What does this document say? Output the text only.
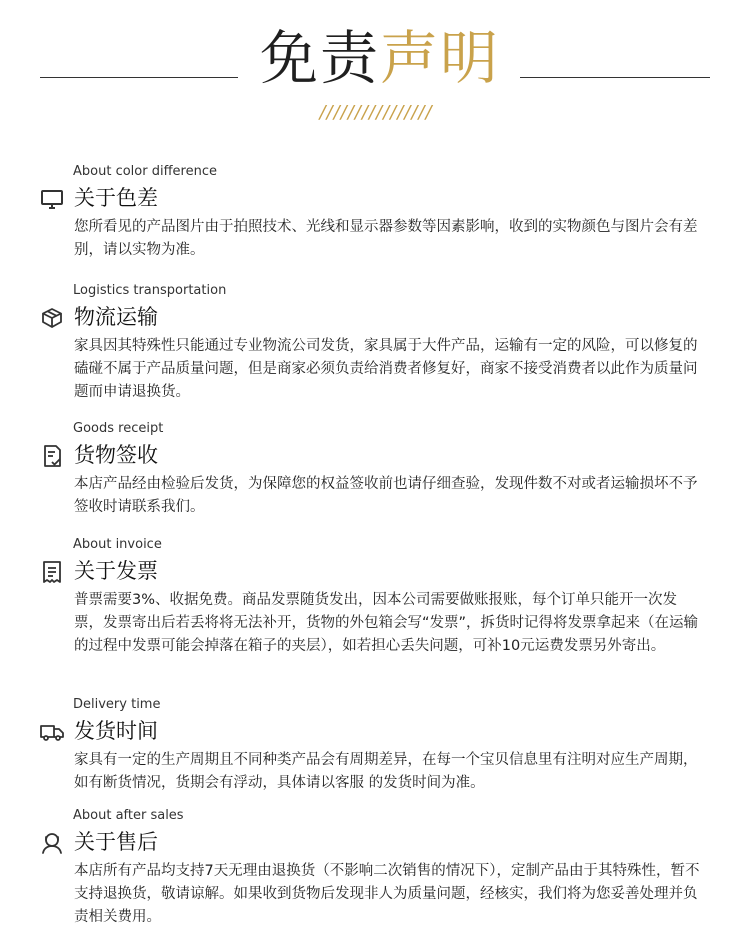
免责声明
////////////////
About color difference
关于色差
您所看见的产品图片由于拍照技术、光线和显示器参数等因素影响，收到的实物颜色与图片会有差别，请以实物为准。
Logistics transportation
物流运输
家具因其特殊性只能通过专业物流公司发货，家具属于大件产品，运输有一定的风险，可以修复的磕碰不属于产品质量问题，但是商家必须负责给消费者修复好，商家不接受消费者以此作为质量问题而申请退换货。
Goods receipt
货物签收
本店产品经由检验后发货，为保障您的权益签收前也请仔细查验，发现件数不对或者运输损坏不予签收时请联系我们。
About invoice
关于发票
普票需要3%、收据免费。商品发票随货发出，因本公司需要做账报账，每个订单只能开一次发票，发票寄出后若丢将将无法补开，货物的外包箱会写“发票”，拆货时记得将发票拿起来（在运输的过程中发票可能会掉落在箱子的夹层），如若担心丢失问题，可补10元运费发票另外寄出。
Delivery time
发货时间
家具有一定的生产周期且不同种类产品会有周期差异，在每一个宝贝信息里有注明对应生产周期，如有断货情况，货期会有浮动，具体请以客服 的发货时间为准。
About after sales
关于售后
本店所有产品均支持7天无理由退换货（不影响二次销售的情况下），定制产品由于其特殊性，暂不支持退换货，敬请谅解。如果收到货物后发现非人为质量问题，经核实，我们将为您妥善处理并负责相关费用。
